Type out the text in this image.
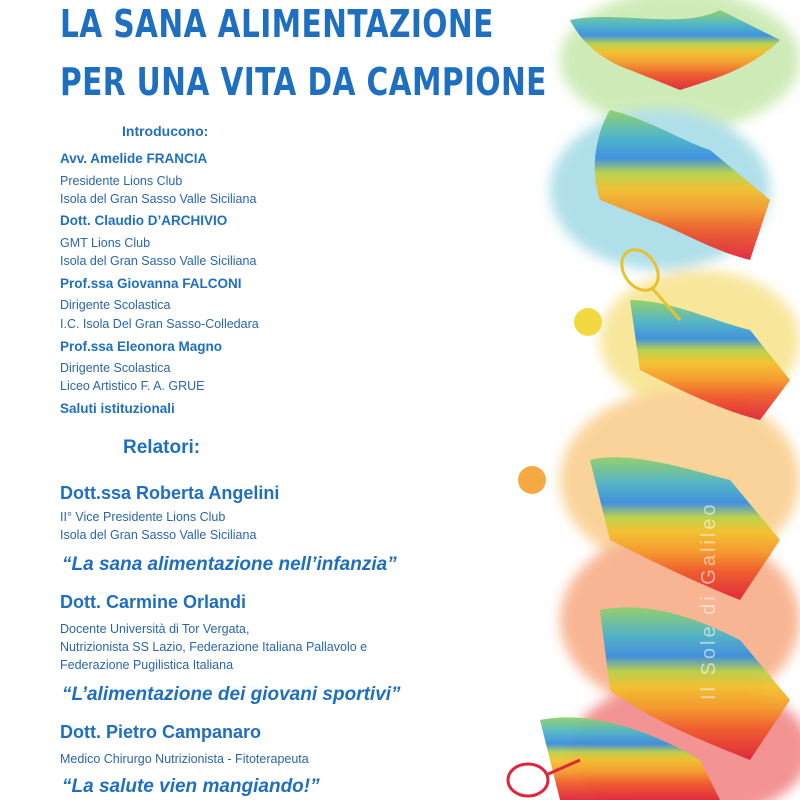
Il Sole di Galileo
LA SANA ALIMENTAZIONE
PER UNA VITA DA CAMPIONE
Introducono:
Avv. Amelide FRANCIA
Presidente Lions Club
Isola del Gran Sasso Valle Siciliana
Dott. Claudio D’ARCHIVIO
GMT Lions Club
Isola del Gran Sasso Valle Siciliana
Prof.ssa Giovanna FALCONI
Dirigente Scolastica
I.C. Isola Del Gran Sasso-Colledara
Prof.ssa Eleonora Magno
Dirigente Scolastica
Liceo Artistico F. A. GRUE
Saluti istituzionali
Relatori:
Dott.ssa Roberta Angelini
II° Vice Presidente Lions Club
Isola del Gran Sasso Valle Siciliana
“La sana alimentazione nell’infanzia”
Dott. Carmine Orlandi
Docente Università di Tor Vergata,
Nutrizionista SS Lazio, Federazione Italiana Pallavolo e
Federazione Pugilistica Italiana
“L’alimentazione dei giovani sportivi”
Dott. Pietro Campanaro
Medico Chirurgo Nutrizionista - Fitoterapeuta
“La salute vien mangiando!”
